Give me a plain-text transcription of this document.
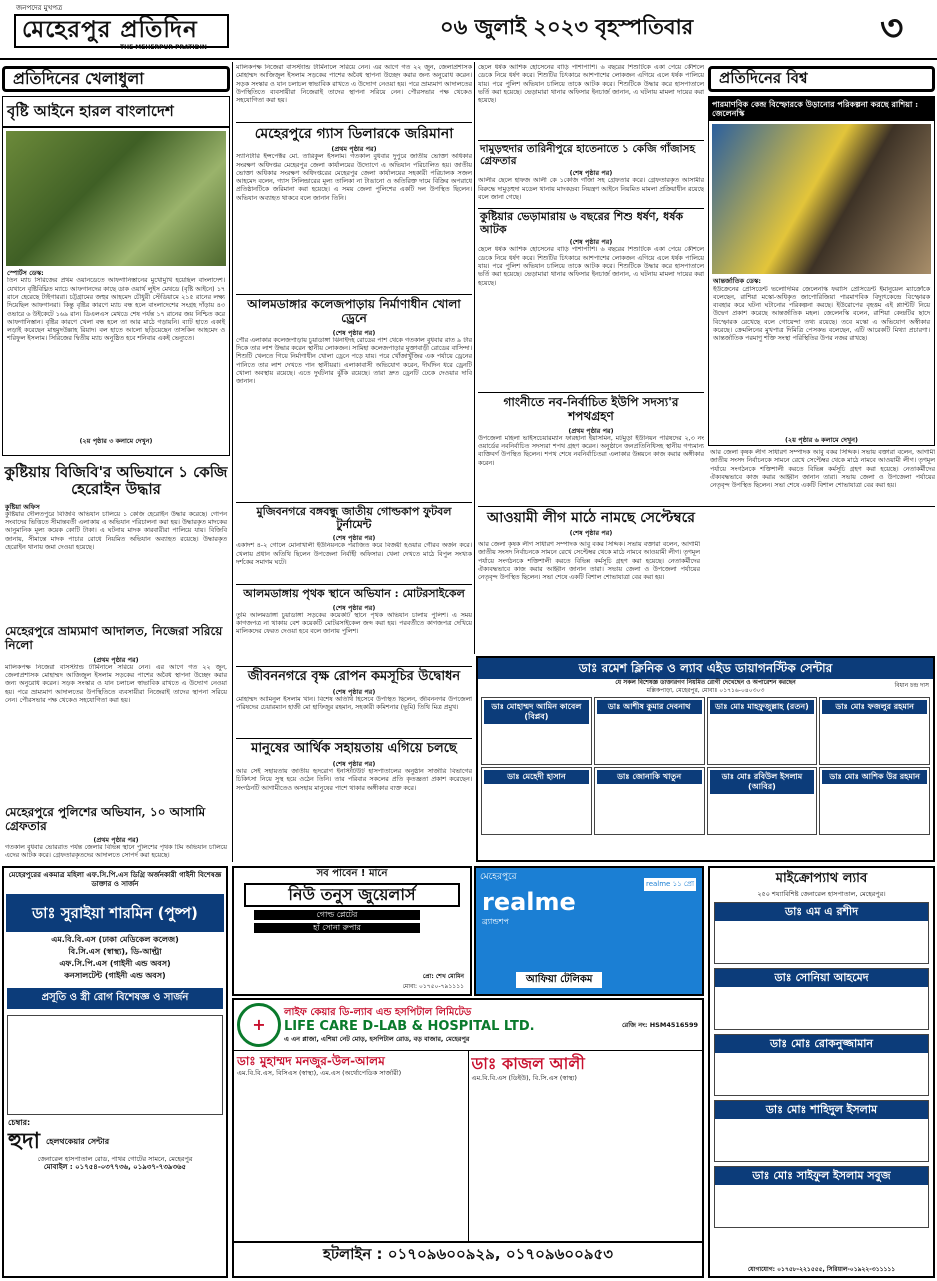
জনপদের মুখপত্র
মেহেরপুর প্রতিদিন
THE MEHERPUR PRATIDIN
০৬ জুলাই ২০২৩ বৃহস্পতিবার	৩
প্রতিদিনের খেলাধুলা
বৃষ্টি আইনে হারল বাংলাদেশ
স্পোর্টস ডেস্ক:
তিন ম্যাচ সিরিজের প্রথম ওয়ানডেতে আফগানিস্তানের মুখোমুখি হয়েছিল বাংলাদেশ। যেখানে বৃষ্টিবিঘ্নিত ম্যাচে আফগানদের কাছে ডাক ওয়ার্থ লুইস মেথডে (বৃষ্টি আইনে) ১৭ রানে হেরেছে টাইগাররা। চট্টগ্রামের জহুর আহমেদ চৌধুরী স্টেডিয়ামে ২১৫ রানের লক্ষ্য দিয়েছিল আফগানরা। কিন্তু বৃষ্টির কারণে ম্যাচ বন্ধ হলে বাংলাদেশের সংগ্রহ দাঁড়ায় ৪৩ ওভারে ৬ উইকেটে ১৬৯ রান। ডিএলএস মেথডে শেষ পর্যন্ত ১৭ রানের জয় নিশ্চিত করে আফগানিস্তান। বৃষ্টির কারণে খেলা বন্ধ হলে তা আর মাঠে গড়ায়নি। ব্যাট হাতে একাই লড়াই করেছেন মাহমুদউল্লাহ রিয়াদ। বল হাতে আলো ছড়িয়েছেন তাসকিন আহমেদ ও শরিফুল ইসলাম। সিরিজের দ্বিতীয় ম্যাচ অনুষ্ঠিত হবে শনিবার একই ভেন্যুতে।
(২য় পৃষ্ঠার ৩ কলামে দেখুন)
কুষ্টিয়ায় বিজিবি'র অভিযানে ১ কেজি হেরোইন উদ্ধার
কুষ্টিয়া অফিস
কুষ্টিয়ার দৌলতপুরে বিজিবি অভিযান চালিয়ে ১ কেজি হেরোইন উদ্ধার করেছে। গোপন সংবাদের ভিত্তিতে সীমান্তবর্তী এলাকায় এ অভিযান পরিচালনা করা হয়। উদ্ধারকৃত মাদকের আনুমানিক মূল্য কয়েক কোটি টাকা। এ ঘটনায় মাদক কারবারীরা পালিয়ে যায়। বিজিবি জানায়, সীমান্তে মাদক পাচার রোধে নিয়মিত অভিযান অব্যাহত রয়েছে। উদ্ধারকৃত হেরোইন থানায় জমা দেওয়া হয়েছে।
মেহেরপুরে ভ্রাম্যমাণ আদালত, নিজেরা সরিয়ে নিলো
(প্রথম পৃষ্ঠার পর)
মালিকপক্ষ নিজেরা বাসস্ট্যান্ড টার্মিনালে সরিয়ে নেন। এর আগে গত ২২ জুন, জেলাপ্রশাসক মোহাম্মদ আজিজুল ইসলাম সড়কের পাশের অবৈধ স্থাপনা উচ্ছেদ করার জন্য অনুরোধ করেন। সড়ক সংস্কার ও যান চলাচল স্বাভাবিক রাখতে এ উদ্যোগ নেওয়া হয়। পরে ভ্রাম্যমাণ আদালতের উপস্থিতিতে ব্যবসায়ীরা নিজেরাই তাদের স্থাপনা সরিয়ে নেন। পৌরসভার পক্ষ থেকেও সহযোগিতা করা হয়।
মেহেরপুরে পুলিশের অভিযান, ১০ আসামি গ্রেফতার
(প্রথম পৃষ্ঠার পর)
গতকাল বুধবার ভোররাত পর্যন্ত জেলার বিভিন্ন স্থানে পুলিশের পৃথক টিম অভিযান চালিয়ে এদের আটক করে। গ্রেফতারকৃতদের আদালতে সোপর্দ করা হয়েছে।
মালিকপক্ষ নিজেরা বাসস্ট্যান্ড টার্মিনালে সরিয়ে নেন। এর আগে গত ২২ জুন, জেলাপ্রশাসক মোহাম্মদ আজিজুল ইসলাম সড়কের পাশের অবৈধ স্থাপনা উচ্ছেদ করার জন্য অনুরোধ করেন। সড়ক সংস্কার ও যান চলাচল স্বাভাবিক রাখতে এ উদ্যোগ নেওয়া হয়। পরে ভ্রাম্যমাণ আদালতের উপস্থিতিতে ব্যবসায়ীরা নিজেরাই তাদের স্থাপনা সরিয়ে নেন। পৌরসভার পক্ষ থেকেও সহযোগিতা করা হয়।
মেহেরপুরে গ্যাস ডিলারকে জরিমানা
(প্রথম পৃষ্ঠার পর)
স্যানিটারি ইন্সপেক্টর মো. তারিকুল ইসলাম। গতকাল বুধবার দুপুরে জাতীয় ভোক্তা অধিকার সংরক্ষণ অধিদপ্তর মেহেরপুর জেলা কার্যালয়ের উদ্যোগে এ অভিযান পরিচালিত হয়। জাতীয় ভোক্তা অধিকার সংরক্ষণ অধিদপ্তরের মেহেরপুর জেলা কার্যালয়ের সহকারী পরিচালক সজল আহমেদ বলেন, গ্যাস সিলিন্ডারের মূল্য তালিকা না টাঙানো ও অতিরিক্ত দামে বিক্রির অপরাধে প্রতিষ্ঠানটিকে জরিমানা করা হয়েছে। এ সময় জেলা পুলিশের একটি দল উপস্থিত ছিলেন। অভিযান অব্যাহত থাকবে বলে জানান তিনি।
আলমডাঙ্গার কলেজপাড়ায় নির্মাণাধীন খোলা ড্রেনে
(শেষ পৃষ্ঠার পর)
পৌর এলাকার কলেজপাড়ায় চুয়াডাঙ্গা ঝিনাইদহ রোডের পাশ থেকে গতকাল বুধবার রাত ৯ টার দিকে তার লাশ উদ্ধার করেন স্থানীয় লোকজন। সামিহা কলেজপাড়ার মুক্তাবাড়ী রোডের বাসিন্দা। শিশুটি খেলতে গিয়ে নির্মাণাধীন খোলা ড্রেনে পড়ে যায়। পরে খোঁজাখুঁজির এক পর্যায়ে ড্রেনের পানিতে তার লাশ দেখতে পান স্থানীয়রা। এলাকাবাসী অভিযোগ করেন, দীর্ঘদিন ধরে ড্রেনটি খোলা অবস্থায় রয়েছে। এতে দুর্ঘটনার ঝুঁকি রয়েছে। তারা দ্রুত ড্রেনটি ঢেকে দেওয়ার দাবি জানান।
মুজিবনগরে বঙ্গবন্ধু জাতীয় গোল্ডকাপ ফুটবল টুর্নামেন্ট
(শেষ পৃষ্ঠার পর)
একাদশ ৪-২ গোলে মোনাখালী ইউনিয়নকে পরাজিত করে বিজয়ী হওয়ার গৌরব অর্জন করে। খেলায় প্রধান অতিথি ছিলেন উপজেলা নির্বাহী অফিসার। খেলা দেখতে মাঠে বিপুল সংখ্যক দর্শকের সমাগম ঘটে।
আলমডাঙ্গায় পৃথক স্থানে অভিযান : মোটরসাইকেল
(শেষ পৃষ্ঠার পর)
তুমি আলমডাঙ্গা চুয়াডাঙ্গা সড়কের কয়েকটি স্থানে পৃথক অভিযান চালায় পুলিশ। এ সময় কাগজপত্র না থাকায় বেশ কয়েকটি মোটরসাইকেল জব্দ করা হয়। পরবর্তীতে কাগজপত্র দেখিয়ে মালিকদের ফেরত দেওয়া হবে বলে জানায় পুলিশ।
জীবননগরে বৃক্ষ রোপন কমসূচির উদ্বোধন
(শেষ পৃষ্ঠার পর)
মোহাম্মদ আমিনুল ইসলাম খান। বিশেষ অতিথি হিসেবে উপস্থিত ছিলেন, জীবননগর উপজেলা পরিষদের চেয়ারম্যান হাজী মো হাফিজুর রহমান, সহকারী কমিশনার (ভূমি) তিথি মিত্র প্রমুখ।
মানুষের আর্থিক সহায়তায় এগিয়ে চলছে
(শেষ পৃষ্ঠার পর)
আর সেই সহায়তায় জাতীয় হৃদরোগ ইনস্টিটিউট হাসপাতালের অনুষ্ঠান সার্জারি বিভাগের চিকিৎসা নিয়ে সুস্থ হয়ে ওঠেন তিনি। তার পরিবার সকলের প্রতি কৃতজ্ঞতা প্রকাশ করেছেন। সংগঠনটি আগামীতেও অসহায় মানুষের পাশে থাকার অঙ্গীকার ব্যক্ত করে।
ছেলে ধর্ষক আশিক হোসেনের বাড়ি পাশাপাশি। ৬ বছরের শিশুটিকে একা পেয়ে কৌশলে ডেকে নিয়ে ধর্ষণ করে। শিশুটির চিৎকারে আশপাশের লোকজন এগিয়ে এলে ধর্ষক পালিয়ে যায়। পরে পুলিশ অভিযান চালিয়ে তাকে আটক করে। শিশুটিকে উদ্ধার করে হাসপাতালে ভর্তি করা হয়েছে। ভেড়ামারা থানার অফিসার ইনচার্জ জানান, এ ঘটনায় মামলা দায়ের করা হয়েছে।
দামুড়হুদার তারিনীপুরে হাতেনাতে ১ কেজি গাঁজাসহ গ্রেফতার
(শেষ পৃষ্ঠার পর)
আলীর ছেলে হাফজ আলী কে ১কেজি গাঁজা সহ গ্রেফতার করে। গ্রেফতারকৃত আসামীর বিরুদ্ধে দামুড়হুদা মডেল থানায় মাদকদ্রব্য নিয়ন্ত্রণ আইনে নিয়মিত মামলা প্রক্রিয়াধীন রয়েছে বলে জানা গেছে।
কুষ্টিয়ার ভেড়ামারায় ৬ বছরের শিশু ধর্ষণ, ধর্ষক আটক
(শেষ পৃষ্ঠার পর)
ছেলে ধর্ষক আশিক হোসেনের বাড়ি পাশাপাশি। ৬ বছরের শিশুটিকে একা পেয়ে কৌশলে ডেকে নিয়ে ধর্ষণ করে। শিশুটির চিৎকারে আশপাশের লোকজন এগিয়ে এলে ধর্ষক পালিয়ে যায়। পরে পুলিশ অভিযান চালিয়ে তাকে আটক করে। শিশুটিকে উদ্ধার করে হাসপাতালে ভর্তি করা হয়েছে। ভেড়ামারা থানার অফিসার ইনচার্জ জানান, এ ঘটনায় মামলা দায়ের করা হয়েছে।
গাংনীতে নব-নির্বাচিত ইউপি সদস্য'র শপথগ্রহণ
(প্রথম পৃষ্ঠার পর)
উপজেলা মহিলা ভাইসচেয়ারম্যান ফারহানা ইয়াসমিন, মটমুড়া ইউনিয়ন পরিষদের ২,৩ নং ওয়ার্ডের নবনির্বাচিত সদস্যরা শপথ গ্রহণ করেন। অনুষ্ঠানে জনপ্রতিনিধিসহ স্থানীয় গণ্যমান্য ব্যক্তিবর্গ উপস্থিত ছিলেন। শপথ শেষে নবনির্বাচিতরা এলাকার উন্নয়নে কাজ করার অঙ্গীকার করেন।
প্রতিদিনের বিশ্ব
পারমাণবিক কেন্দ্র বিস্ফোরকে উড়ানোর পরিকল্পনা করছে রাশিয়া : জেলেনস্কি
আন্তর্জাতিক ডেস্ক:
ইউক্রেনের প্রেসিডেন্ট ভলোদিমির জেলেনস্কি ফরাসি প্রেসিডেন্ট ইমানুয়েল ম্যাক্রোঁকে বলেছেন, রাশিয়া মস্কো-অধিকৃত জাপোরিজিয়া পারমাণবিক বিদ্যুৎকেন্দ্রে বিস্ফোরক ব্যবহার করে ঘটনা ঘটানোর পরিকল্পনা করছে। ইউরোপের বৃহত্তম এই প্ল্যান্টটি নিয়ে উদ্বেগ প্রকাশ করেছে আন্তর্জাতিক মহল। জেলেনস্কি বলেন, রাশিয়া কেন্দ্রটির ছাদে বিস্ফোরক রেখেছে বলে গোয়েন্দা তথ্য রয়েছে। তবে মস্কো এ অভিযোগ অস্বীকার করেছে। ক্রেমলিনের মুখপাত্র দিমিত্রি পেসকভ বলেছেন, এটি আরেকটি মিথ্যা প্রচারণা। আন্তর্জাতিক পরমাণু শক্তি সংস্থা পরিস্থিতির উপর নজর রাখছে।
(২য় পৃষ্ঠার ৬ কলামে দেখুন)
আওয়ামী লীগ মাঠে নামছে সেপ্টেম্বরে
(শেষ পৃষ্ঠার পর)
আর জেলা কৃষক লীগ সাধারণ সম্পাদক আবু বকর সিদ্দিক। সভায় বক্তারা বলেন, আগামী জাতীয় সংসদ নির্বাচনকে সামনে রেখে সেপ্টেম্বর থেকে মাঠে নামবে আওয়ামী লীগ। তৃণমূল পর্যায়ে সংগঠনকে শক্তিশালী করতে বিভিন্ন কর্মসূচি গ্রহণ করা হয়েছে। নেতাকর্মীদের ঐক্যবদ্ধভাবে কাজ করার আহ্বান জানান তারা। সভায় জেলা ও উপজেলা পর্যায়ের নেতৃবৃন্দ উপস্থিত ছিলেন। সভা শেষে একটি বিশাল শোভাযাত্রা বের করা হয়।
আর জেলা কৃষক লীগ সাধারণ সম্পাদক আবু বকর সিদ্দিক। সভায় বক্তারা বলেন, আগামী জাতীয় সংসদ নির্বাচনকে সামনে রেখে সেপ্টেম্বর থেকে মাঠে নামবে আওয়ামী লীগ। তৃণমূল পর্যায়ে সংগঠনকে শক্তিশালী করতে বিভিন্ন কর্মসূচি গ্রহণ করা হয়েছে। নেতাকর্মীদের ঐক্যবদ্ধভাবে কাজ করার আহ্বান জানান তারা। সভায় জেলা ও উপজেলা পর্যায়ের নেতৃবৃন্দ উপস্থিত ছিলেন। সভা শেষে একটি বিশাল শোভাযাত্রা বের করা হয়।
ডাঃ রমেশ ক্লিনিক ও ল্যাব এইড ডায়াগনস্টিক সেন্টার
যে সকল বিশেষজ্ঞ ডাক্তারগণ নিয়মিত রোগী দেখেছেন ও অপারেশন করছেন
মল্লিকপাড়া, মেহেরপুর, মোবাঃ ০১৭১৬-০৪০৩০৩
বিধান চন্দ্র দাস
ডাঃ মোহাম্মদ আমিন কাবেল (বিপ্লব)
ডাঃ আশীষ কুমার দেবনাথ	ডাঃ মোঃ মাহফুজুল্লাহ (রতন)	ডাঃ মোঃ ফজলুর রহমান
ডাঃ মেহেদী হাসান	ডাঃ জোনাকি খাতুন	ডাঃ মোঃ রবিউল ইসলাম (আবির)
ডাঃ মোঃ আশিক উর রহমান
মেহেরপুরের একমাত্র মহিলা এফ.সি.পি.এস ডিগ্রি অর্জনকারী গাইনী বিশেষজ্ঞ ডাক্তার ও সার্জন
ডাঃ সুরাইয়া শারমিন (পুষ্প)
এম.বি.বি.এস (ঢাকা মেডিকেল কলেজ)
বি.সি.এস (স্বাস্থ্য), ডি-আল্ট্রা
এফ.সি.পি.এস (গাইনী এন্ড অবস)
কনসালটেন্ট (গাইনী এন্ড অবস)
প্রসূতি ও স্ত্রী রোগ বিশেষজ্ঞ ও সার্জন
চেম্বার:
হুদা হেলথকেয়ার সেন্টার
জেনারেল হাসপাতাল রোড, পাথর গোটের সামনে, মেহেরপুর
মোবাইল : ০১৭৫৪-০৩৭৭৩৬, ০১৯৩৭-৭৩৯৩৬৫
সব পাবেন ! মানে
নিউ তনুস জুয়েলার্স
গোল্ড প্লেটের
হাঁ সোনা রুপার
প্রো: শেখ মোমিন
মোবা: ০১৭৫০-৭৯১১১১
মেহেরপুরে
realme
ব্র্যান্ডশপ
realme ১১ প্রো
আফিয়া টেলিকম
+
লাইফ কেয়ার ডি-ল্যাব এন্ড হসপিটাল লিমিটেড
LIFE CARE D-LAB & HOSPITAL LTD.
এ এন প্লাজা, এশিয়া নেট মোড়, হসপিটাল রোড, বড় বাজার, মেহেরপুর
রেজি নং: HSM4516599
ডাঃ মুহাম্মদ মনজুর-উল-আলম
এম.বি.বি.এস, বিসিএস (স্বাস্থ্য), এম.এস (অর্থোপেডিক সার্জারী)	ডাঃ কাজল আলী
এম.বি.বি.এস (ডিইউ), বি.সি.এস (স্বাস্থ্য)
হটলাইন : ০১৭০৯৬০০৯২৯, ০১৭০৯৬০০৯৫৩
মাইক্রোপ্যাথ ল্যাব
২৫০ শয্যাবিশিষ্ট জেনারেল হাসপাতাল, মেহেরপুর।
ডাঃ এম এ রশীদ
ডাঃ সোনিয়া আহমেদ
ডাঃ মোঃ রোকনুজ্জামান
ডাঃ মোঃ শাহিদুল ইসলাম
ডাঃ মোঃ সাইফুল ইসলাম সবুজ
যোগাযোগ: ০১৭৫৮-২২১৫৫৫, সিরিয়াল-০১৯২২-৩১১১১১
